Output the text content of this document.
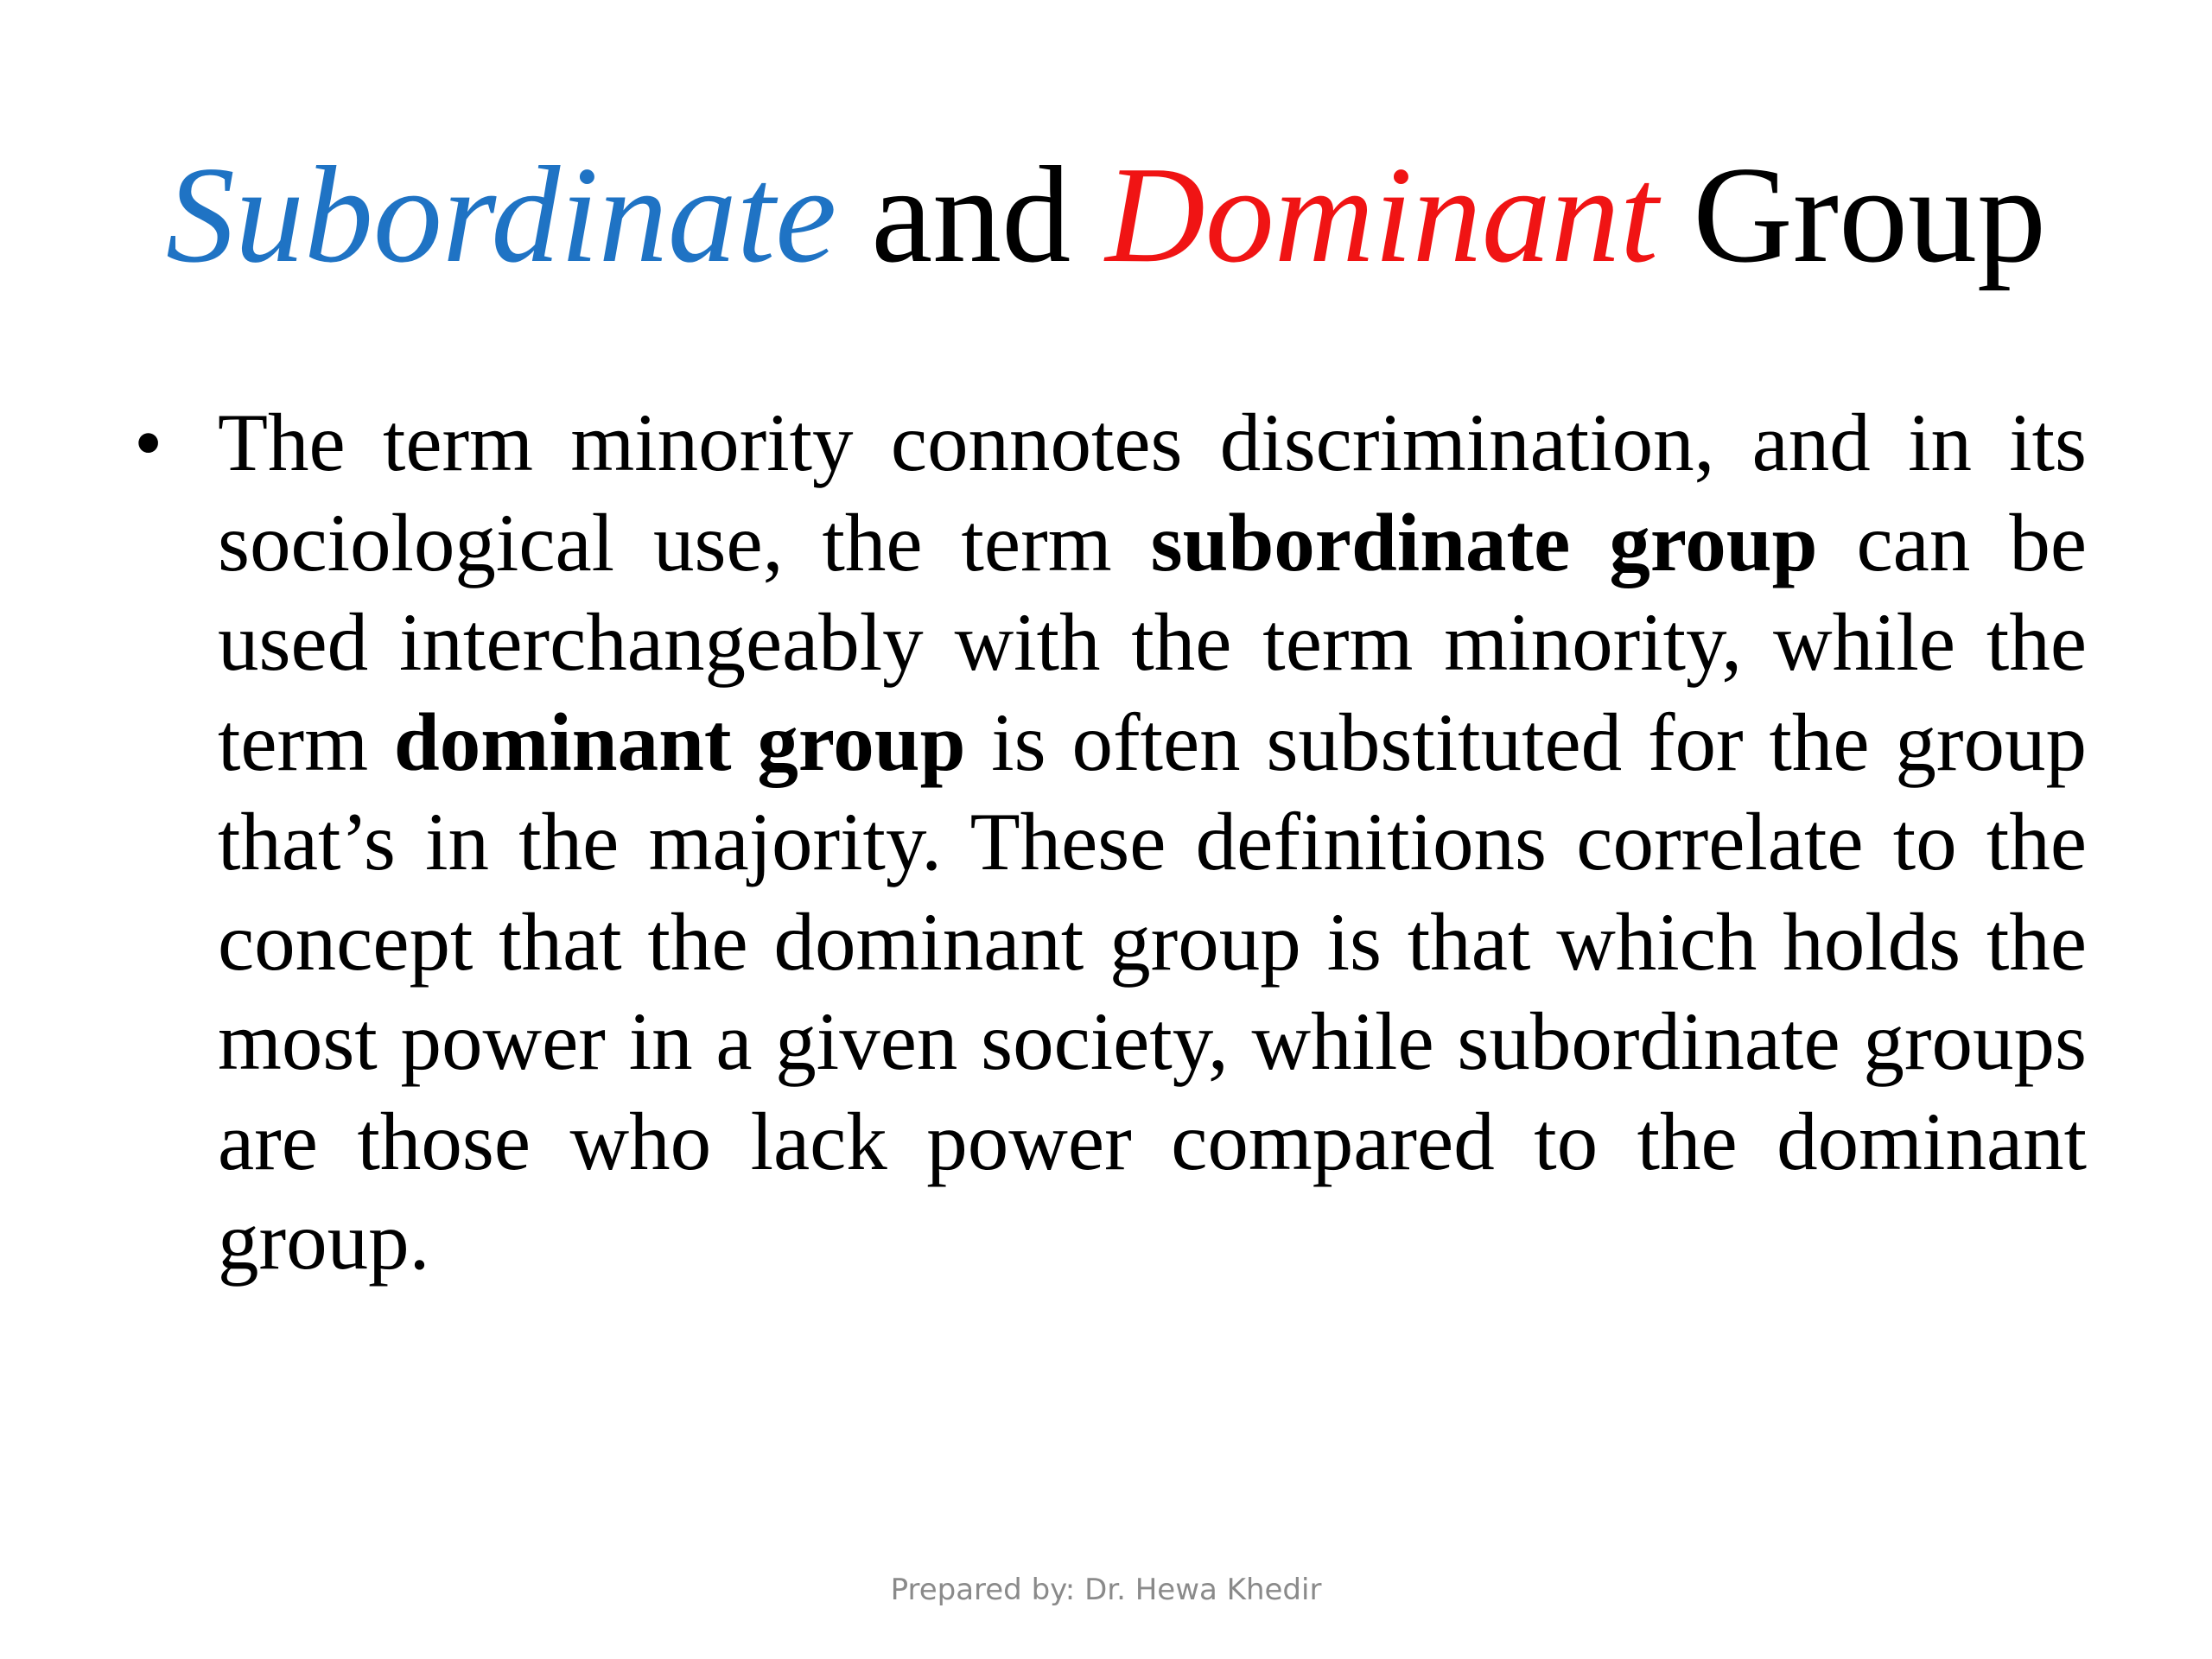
Subordinate and Dominant Group
• The term minority connotes discrimination, and in its sociological use, the term subordinate group can be used interchangeably with the term minority, while the term dominant group is often substituted for the group that’s in the majority. These definitions correlate to the concept that the dominant group is that which holds the most power in a given society, while subordinate groups are those who lack power compared to the dominant group.
Prepared by: Dr. Hewa Khedir
